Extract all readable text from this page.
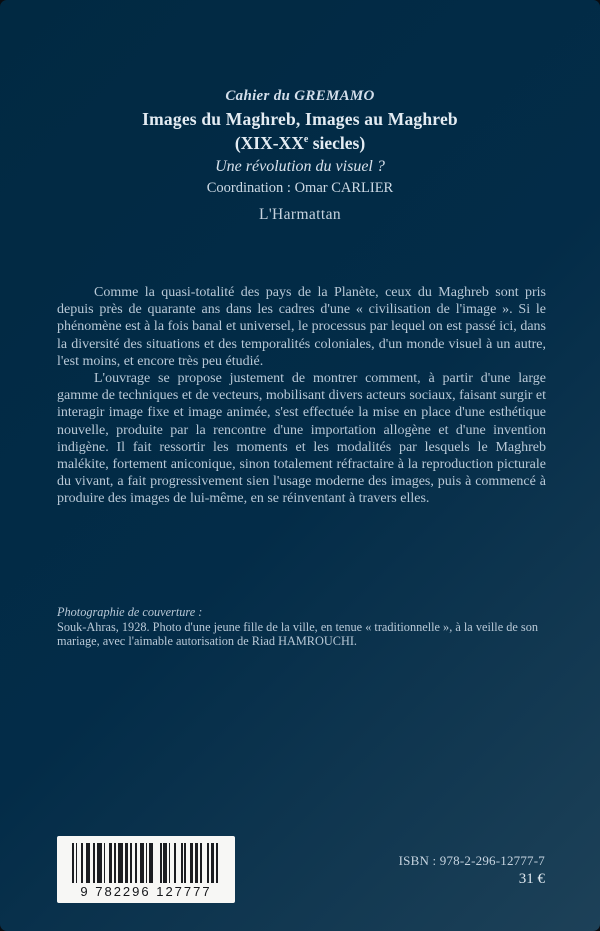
Cahier du GREMAMO
Images du Maghreb, Images au Maghreb
(XIX-XXe siecles)
Une révolution du visuel ?
Coordination : Omar CARLIER
L'Harmattan

Comme la quasi-totalité des pays de la Planète, ceux du Maghreb sont pris depuis près de quarante ans dans les cadres d'une « civilisation de l'image ». Si le phénomène est à la fois banal et universel, le processus par lequel on est passé ici, dans la diversité des situations et des temporalités coloniales, d'un monde visuel à un autre, l'est moins, et encore très peu étudié.

L'ouvrage se propose justement de montrer comment, à partir d'une large gamme de techniques et de vecteurs, mobilisant divers acteurs sociaux, faisant surgir et interagir image fixe et image animée, s'est effectuée la mise en place d'une esthétique nouvelle, produite par la rencontre d'une importation allogène et d'une invention indigène. Il fait ressortir les moments et les modalités par lesquels le Maghreb malékite, fortement aniconique, sinon totalement réfractaire à la reproduction picturale du vivant, a fait progressivement sien l'usage moderne des images, puis à commencé à produire des images de lui-même, en se réinventant à travers elles.

Photographie de couverture :
Souk-Ahras, 1928. Photo d'une jeune fille de la ville, en tenue « traditionnelle », à la veille de son mariage, avec l'aimable autorisation de Riad HAMROUCHI.
9 782296 127777
ISBN : 978-2-296-12777-7
31 €
